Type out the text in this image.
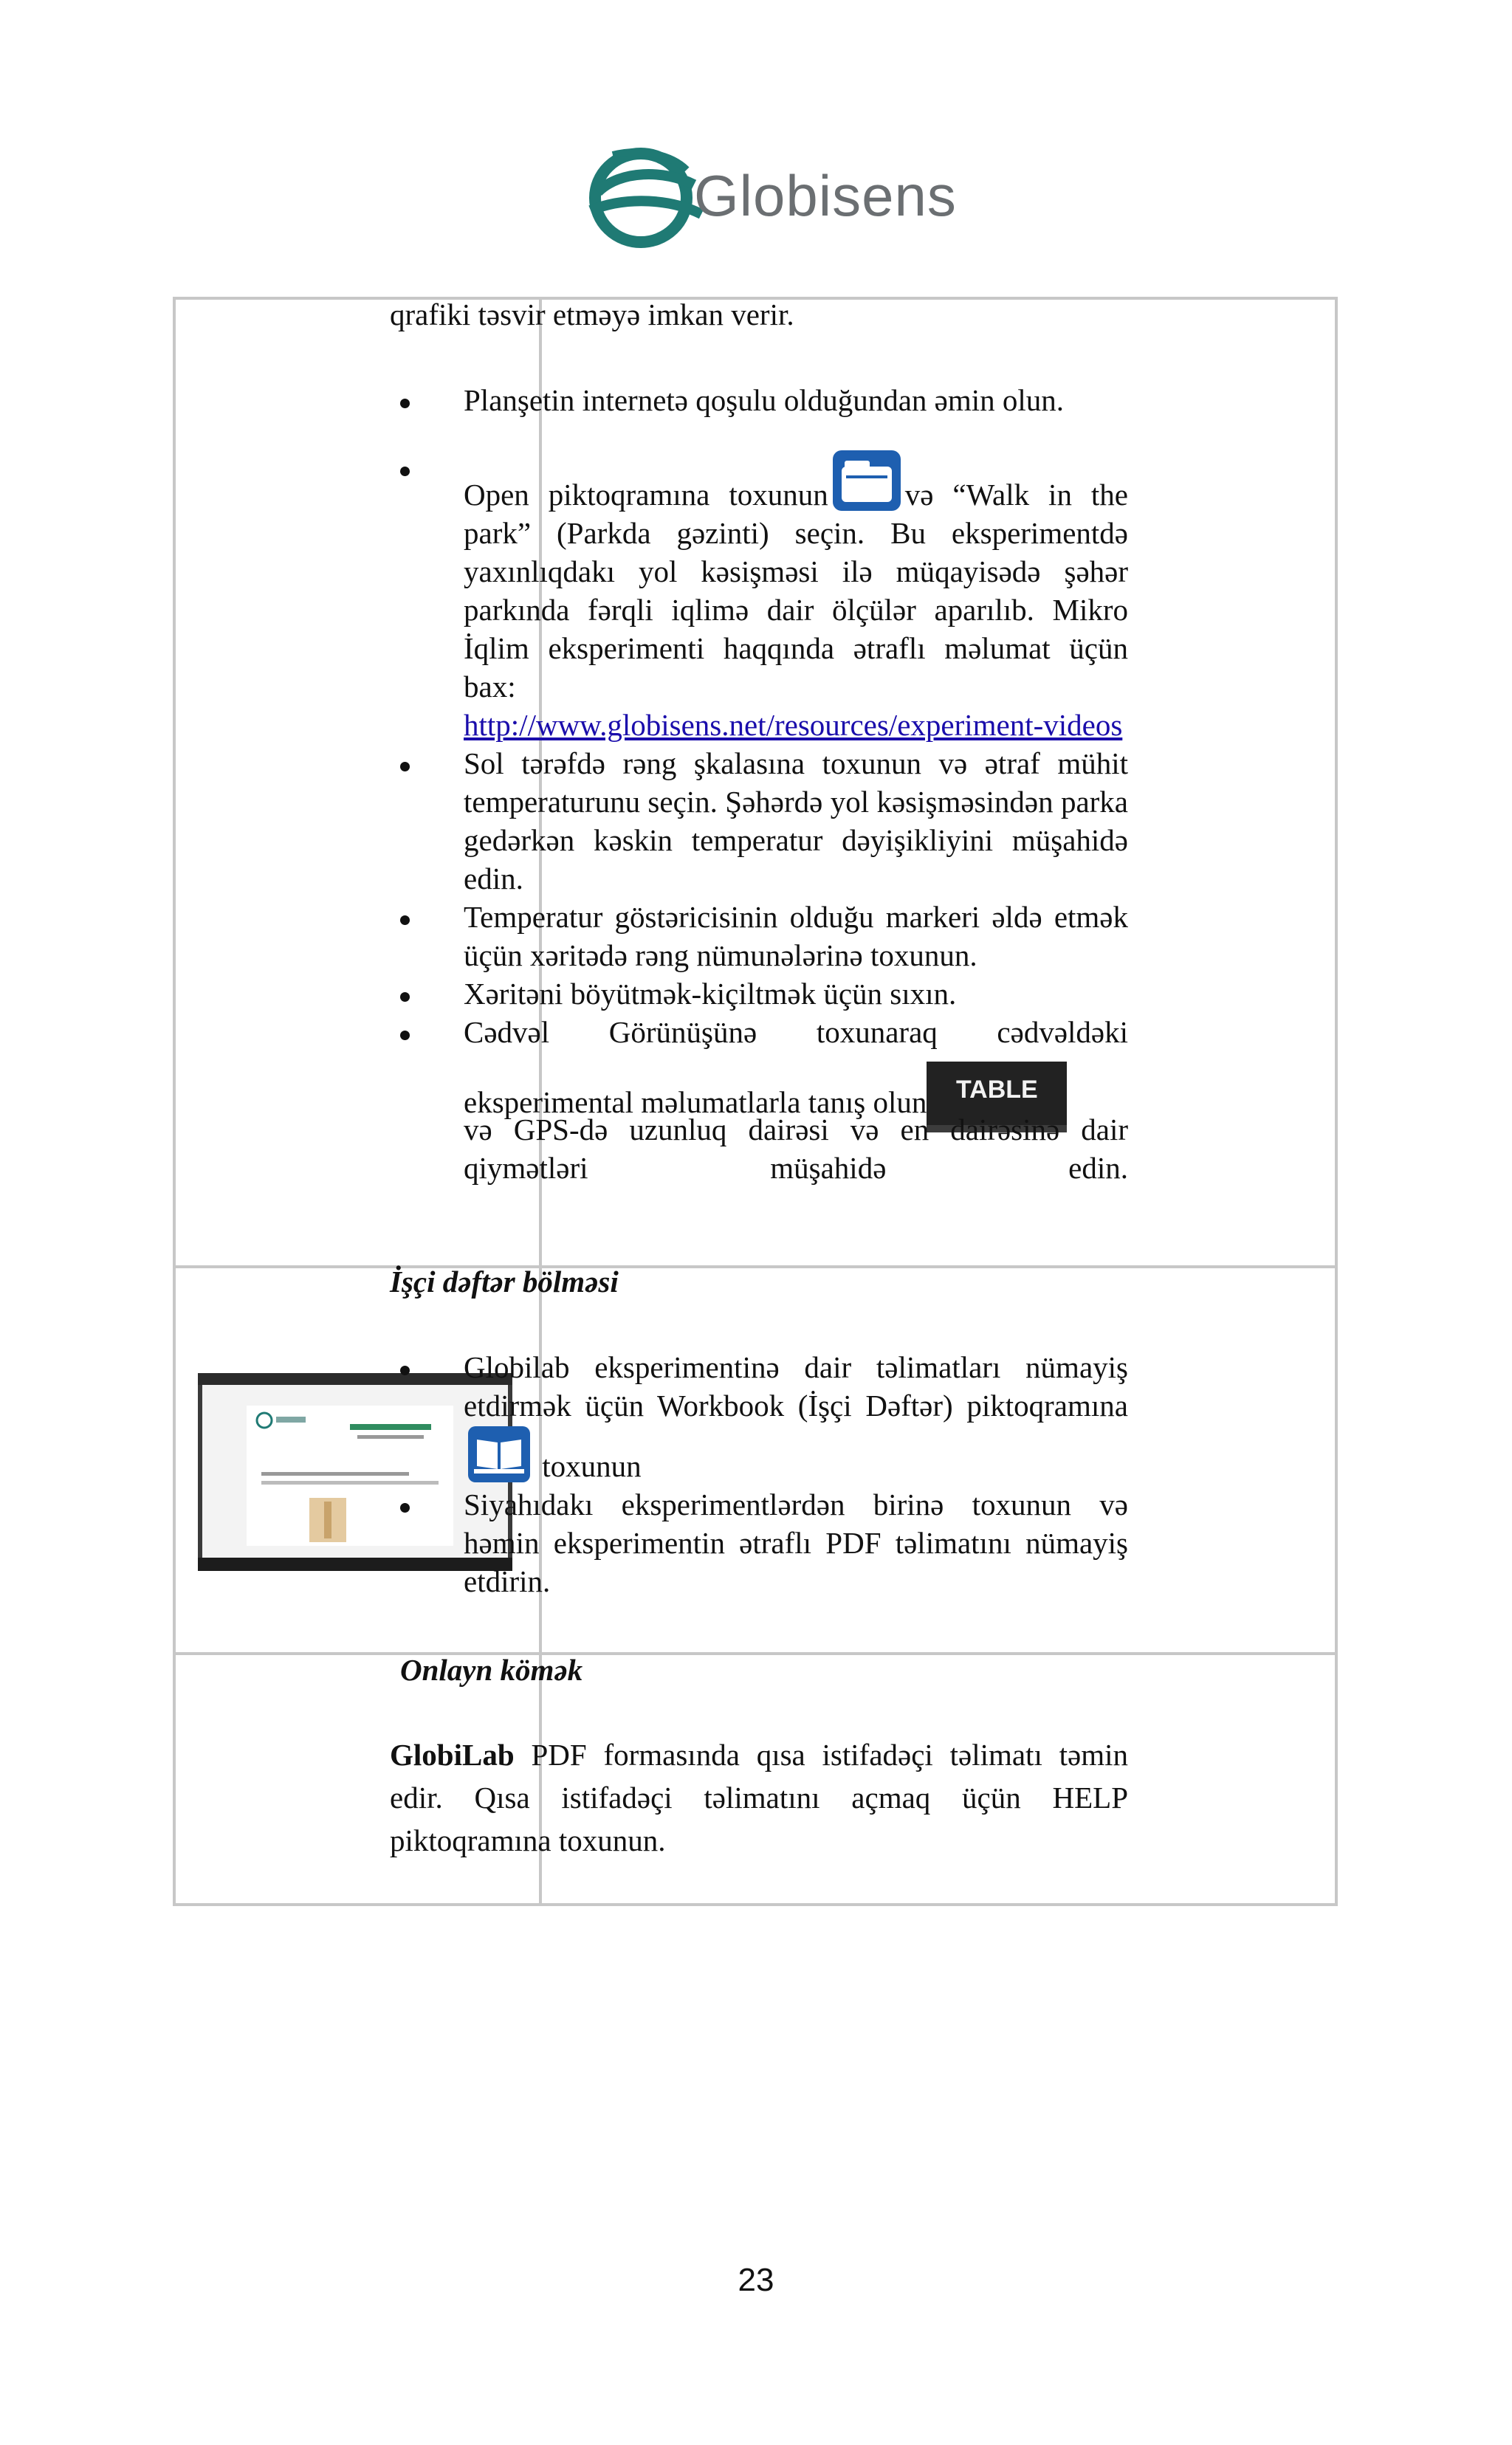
Globisens

qrafiki təsvir etməyə imkan verir.

Planşetin internetə qoşulu olduğundan əmin olun.
Open piktoqramına toxunun	və “Walk in the park” (Parkda gəzinti) seçin. Bu eksperimentdə yaxınlıqdakı yol kəsişməsi ilə müqayisədə şəhər parkında fərqli iqlimə dair ölçülər aparılıb. Mikro İqlim eksperimenti haqqında ətraflı məlumat üçün bax:
http://www.globisens.net/resources/experiment-videos
Sol tərəfdə rəng şkalasına toxunun və ətraf mühit temperaturunu seçin. Şəhərdə yol kəsişməsindən parka gedərkən kəskin temperatur dəyişikliyini müşahidə edin.
Temperatur göstəricisinin olduğu markeri əldə etmək üçün xəritədə rəng nümunələrinə toxunun.
Xəritəni böyütmək-kiçiltmək üçün sıxın.
Cədvəl Görünüşünə toxunaraq cədvəldəki
eksperimental məlumatlarla tanış olun TABLE
və GPS-də uzunluq dairəsi və en dairəsinə dair qiymətləri müşahidə edin.

İşçi dəftər bölməsi

Globilab eksperimentinə dair təlimatları nümayiş etdirmək üçün Workbook (İşçi Dəftər) piktoqramına toxunun
Siyahıdakı eksperimentlərdən birinə toxunun və həmin eksperimentin ətraflı PDF təlimatını nümayiş etdirin.

Onlayn kömək

GlobiLab PDF formasında qısa istifadəçi təlimatı təmin edir. Qısa istifadəçi təlimatını açmaq üçün HELP piktoqramına toxunun.

23
